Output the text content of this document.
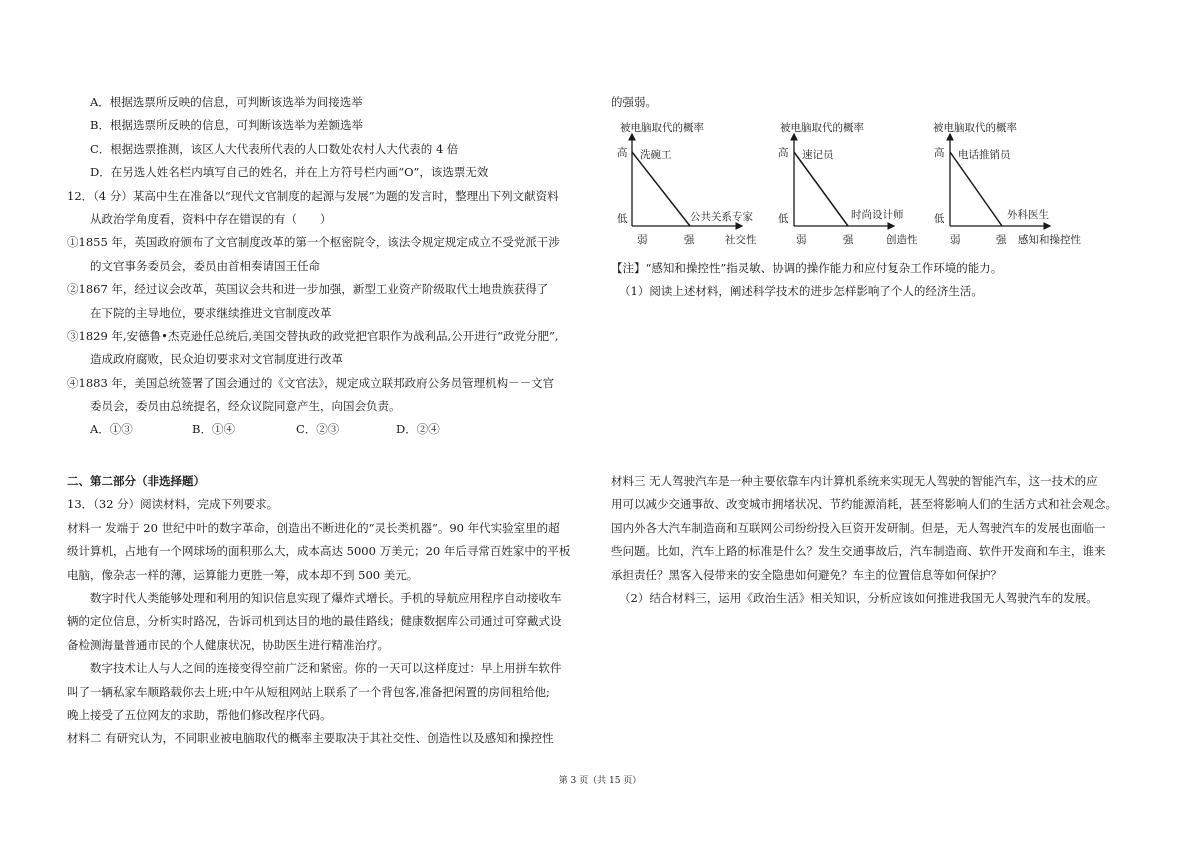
A．根据选票所反映的信息，可判断该选举为间接选举
B．根据选票所反映的信息，可判断该选举为差额选举
C．根据选票推测，该区人大代表所代表的人口数处农村人大代表的 4 倍
D．在另选人姓名栏内填写自己的姓名，并在上方符号栏内画“O”，该选票无效
12．（4 分）某高中生在准备以“现代文官制度的起源与发展”为题的发言时，整理出下列文献资料
从政治学角度看，资料中存在错误的有（　　）
①1855 年，英国政府颁布了文官制度改革的第一个枢密院令，该法令规定规定成立不受党派干涉
的文官事务委员会，委员由首相奏请国王任命
②1867 年，经过议会改革，英国议会共和进一步加强，新型工业资产阶级取代土地贵族获得了
在下院的主导地位，要求继续推进文官制度改革
③1829 年,安德鲁•杰克逊任总统后,美国交替执政的政党把官职作为战利品,公开进行“政党分肥”,
造成政府腐败，民众迫切要求对文官制度进行改革
④1883 年，美国总统签署了国会通过的《文官法》，规定成立联邦政府公务员管理机构－－文官
委员会，委员由总统提名，经众议院同意产生，向国会负责。
A．①③	B．①④	C．②③	D．②④
二、第二部分（非选择题）
13．（32 分）阅读材料，完成下列要求。
材料一 发端于 20 世纪中叶的数字革命，创造出不断进化的“灵长类机器”。90 年代实验室里的超
级计算机，占地有一个网球场的面积那么大，成本高达 5000 万美元；20 年后寻常百姓家中的平板
电脑，像杂志一样的薄，运算能力更胜一筹，成本却不到 500 美元。
数字时代人类能够处理和利用的知识信息实现了爆炸式增长。手机的导航应用程序自动接收车
辆的定位信息，分析实时路况，告诉司机到达目的地的最佳路线；健康数据库公司通过可穿戴式设
备检测海量普通市民的个人健康状况，协助医生进行精准治疗。
数字技术让人与人之间的连接变得空前广泛和紧密。你的一天可以这样度过：早上用拼车软件
叫了一辆私家车顺路载你去上班;中午从短租网站上联系了一个背包客,准备把闲置的房间租给他;
晚上接受了五位网友的求助，帮他们修改程序代码。
材料二 有研究认为，不同职业被电脑取代的概率主要取决于其社交性、创造性以及感知和操控性
的强弱。
被电脑取代的概率
高
低
弱	强	社交性
洗碗工
公共关系专家
被电脑取代的概率
高
低
弱	强	创造性
速记员
时尚设计师
被电脑取代的概率
高
低
弱	强 感知和操控性
电话推销员
外科医生
【注】“感知和操控性”指灵敏、协调的操作能力和应付复杂工作环境的能力。
（1）阅读上述材料，阐述科学技术的进步怎样影响了个人的经济生活。
材料三 无人驾驶汽车是一种主要依靠车内计算机系统来实现无人驾驶的智能汽车，这一技术的应
用可以减少交通事故、改变城市拥堵状况、节约能源消耗，甚至将影响人们的生活方式和社会观念。
国内外各大汽车制造商和互联网公司纷纷投入巨资开发研制。但是，无人驾驶汽车的发展也面临一
些问题。比如，汽车上路的标准是什么？发生交通事故后，汽车制造商、软件开发商和车主，谁来
承担责任？黑客入侵带来的安全隐患如何避免？车主的位置信息等如何保护？
（2）结合材料三，运用《政治生活》相关知识，分析应该如何推进我国无人驾驶汽车的发展。
第 3 页（共 15 页）
